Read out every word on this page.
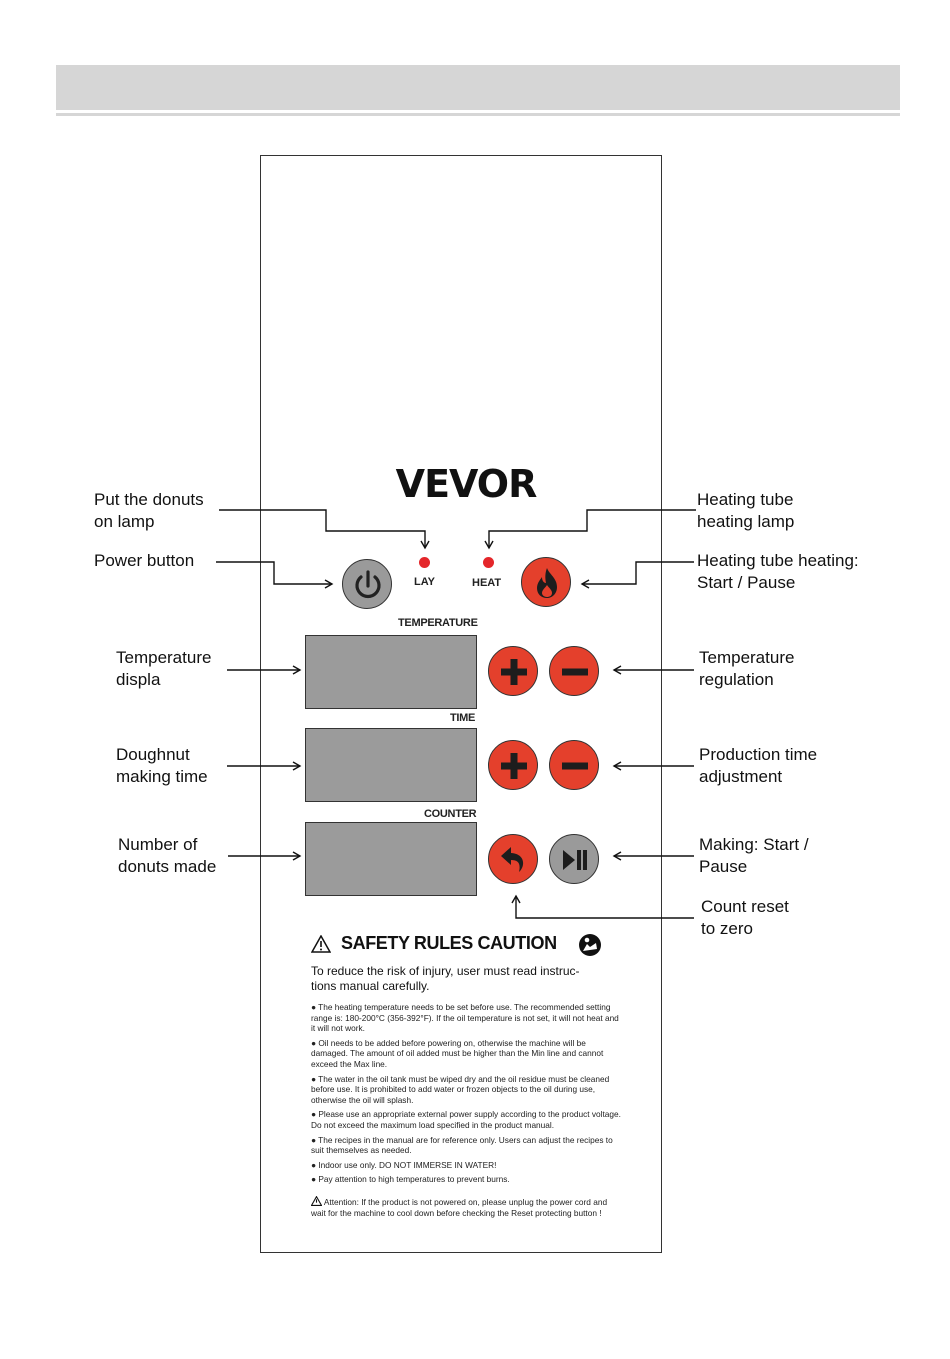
VEVOR
LAY	HEAT
TEMPERATURE
TIME
COUNTER
Put the donuts
on lamp
Power button
Temperature
displa
Doughnut
making time
Number of
donuts made
Heating tube
heating lamp
Heating tube heating:
Start / Pause
Temperature
regulation
Production time
adjustment
Making: Start /
Pause
Count reset
to zero
SAFETY RULES CAUTION
To reduce the risk of injury, user must read instruc-
tions manual carefully.
● The heating temperature needs to be set before use. The recommended setting range is: 180-200°C (356-392°F). If the oil temperature is not set, it will not heat and it will not work.
● Oil needs to be added before powering on, otherwise the machine will be damaged. The amount of oil added must be higher than the Min line and cannot exceed the Max line.
● The water in the oil tank must be wiped dry and the oil residue must be cleaned before use. It is prohibited to add water or frozen objects to the oil during use, otherwise the oil will splash.
● Please use an appropriate external power supply according to the product voltage. Do not exceed the maximum load specified in the product manual.
● The recipes in the manual are for reference only. Users can adjust the recipes to suit themselves as needed.
● Indoor use only. DO NOT IMMERSE IN WATER!
● Pay attention to high temperatures to prevent burns.
Attention: If the product is not powered on, please unplug the power cord and wait for the machine to cool down before checking the Reset protecting button !
